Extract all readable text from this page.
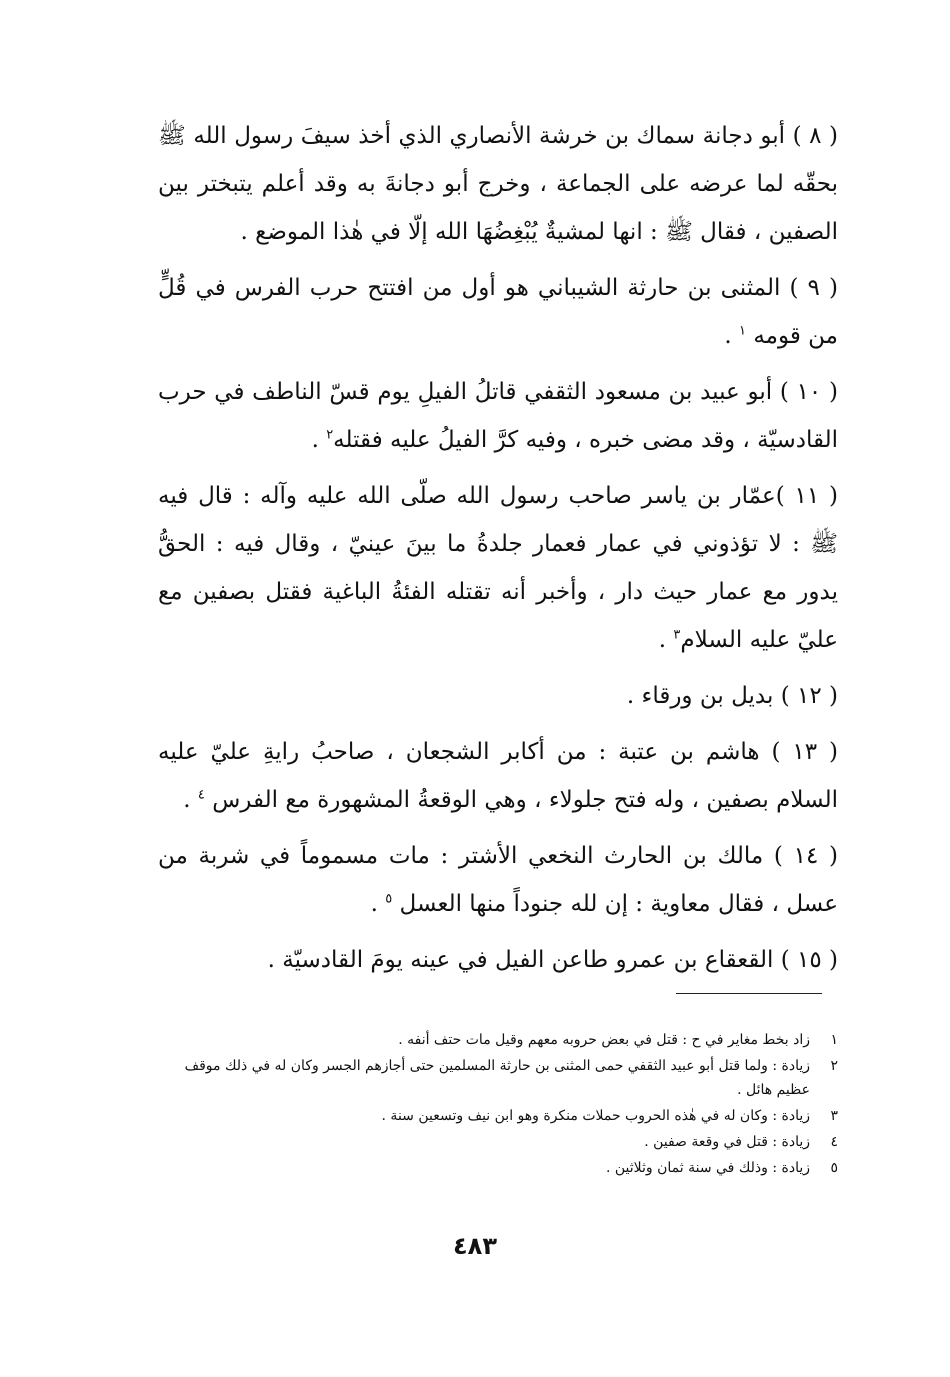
( ٨ ) أبو دجانة سماك بن خرشة الأنصاري الذي أخذ سيفَ رسول الله ﷺ بحقّه لما عرضه على الجماعة ، وخرج أبو دجانةَ به وقد أعلم يتبختر بين الصفين ، فقال ﷺ : انها لمشيةٌ يُبْغِضُهَا الله إلّا في هٰذا الموضع .

( ٩ ) المثنى بن حارثة الشيباني هو أول من افتتح حرب الفرس في قُلٍّ من قومه $^١$ .

( ١٠ ) أبو عبيد بن مسعود الثقفي قاتلُ الفيلِ يوم قسّ الناطف في حرب القادسيّة ، وقد مضى خبره ، وفيه كرَّ الفيلُ عليه فقتله$^٢$ .

( ١١ )عمّار بن ياسر صاحب رسول الله صلّى الله عليه وآله : قال فيه ﷺ : لا تؤذوني في عمار فعمار جلدةُ ما بينَ عينيّ ، وقال فيه : الحقُّ يدور مع عمار حيث دار ، وأخبر أنه تقتله الفئةُ الباغية فقتل بصفين مع عليّ عليه السلام$^٣$ .

( ١٢ ) بديل بن ورقاء .

( ١٣ ) هاشم بن عتبة : من أكابر الشجعان ، صاحبُ رايةِ عليّ عليه السلام بصفين ، وله فتح جلولاء ، وهي الوقعةُ المشهورة مع الفرس $^٤$ .

( ١٤ ) مالك بن الحارث النخعي الأشتر : مات مسموماً في شربة من عسل ، فقال معاوية : إن لله جنوداً منها العسل $^٥$ .

( ١٥ ) القعقاع بن عمرو طاعن الفيل في عينه يومَ القادسيّة .

١
زاد بخط مغاير في ح : قتل في بعض حروبه معهم وقيل مات حتف أنفه .
٢
زيادة : ولما قتل أبو عبيد الثقفي حمى المثنى بن حارثة المسلمين حتى أجازهم الجسر وكان له في ذلك موقف عظيم هائل .
٣
زيادة : وكان له في هٰذه الحروب حملات منكرة وهو ابن نيف وتسعين سنة .
٤
زيادة : قتل في وقعة صفين .
٥
زيادة : وذلك في سنة ثمان وثلاثين .
٤٨٣
